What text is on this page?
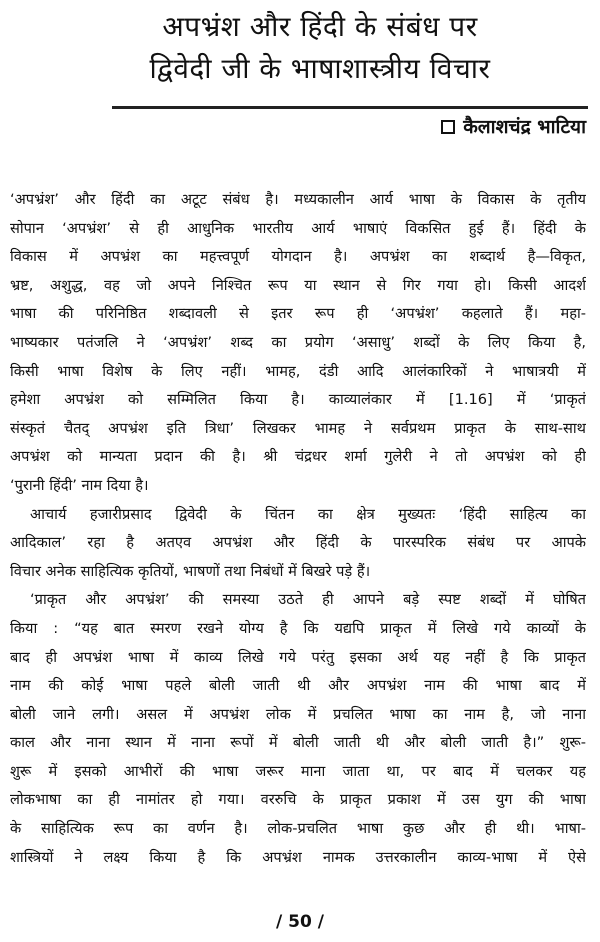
अपभ्रंश और हिंदी के संबंध पर
द्विवेदी जी के भाषाशास्त्रीय विचार
कैलाशचंद्र भाटिया
‘अपभ्रंश’ और हिंदी का अटूट संबंध है। मध्यकालीन आर्य भाषा के विकास के तृतीय
सोपान ‘अपभ्रंश’ से ही आधुनिक भारतीय आर्य भाषाएं विकसित हुई हैं। हिंदी के
विकास में अपभ्रंश का महत्त्वपूर्ण योगदान है। अपभ्रंश का शब्दार्थ है—विकृत,
भ्रष्ट, अशुद्ध, वह जो अपने निश्चित रूप या स्थान से गिर गया हो। किसी आदर्श
भाषा की परिनिष्ठित शब्दावली से इतर रूप ही ‘अपभ्रंश’ कहलाते हैं। महा-
भाष्यकार पतंजलि ने ‘अपभ्रंश’ शब्द का प्रयोग ‘असाधु’ शब्दों के लिए किया है,
किसी भाषा विशेष के लिए नहीं। भामह, दंडी आदि आलंकारिकों ने भाषात्रयी में
हमेशा अपभ्रंश को सम्मिलित किया है। काव्यालंकार में [1.16] में ‘प्राकृतं
संस्कृतं चैतद् अपभ्रंश इति त्रिधा’ लिखकर भामह ने सर्वप्रथम प्राकृत के साथ-साथ
अपभ्रंश को मान्यता प्रदान की है। श्री चंद्रधर शर्मा गुलेरी ने तो अपभ्रंश को ही
‘पुरानी हिंदी’ नाम दिया है।
आचार्य हजारीप्रसाद द्विवेदी के चिंतन का क्षेत्र मुख्यतः ‘हिंदी साहित्य का
आदिकाल’ रहा है अतएव अपभ्रंश और हिंदी के पारस्परिक संबंध पर आपके
विचार अनेक साहित्यिक कृतियों, भाषणों तथा निबंधों में बिखरे पड़े हैं।
‘प्राकृत और अपभ्रंश’ की समस्या उठते ही आपने बड़े स्पष्ट शब्दों में घोषित
किया : “यह बात स्मरण रखने योग्य है कि यद्यपि प्राकृत में लिखे गये काव्यों के
बाद ही अपभ्रंश भाषा में काव्य लिखे गये परंतु इसका अर्थ यह नहीं है कि प्राकृत
नाम की कोई भाषा पहले बोली जाती थी और अपभ्रंश नाम की भाषा बाद में
बोली जाने लगी। असल में अपभ्रंश लोक में प्रचलित भाषा का नाम है, जो नाना
काल और नाना स्थान में नाना रूपों में बोली जाती थी और बोली जाती है।” शुरू-
शुरू में इसको आभीरों की भाषा जरूर माना जाता था, पर बाद में चलकर यह
लोकभाषा का ही नामांतर हो गया। वररुचि के प्राकृत प्रकाश में उस युग की भाषा
के साहित्यिक रूप का वर्णन है। लोक-प्रचलित भाषा कुछ और ही थी। भाषा-
शास्त्रियों ने लक्ष्य किया है कि अपभ्रंश नामक उत्तरकालीन काव्य-भाषा में ऐसे
/ 50 /
